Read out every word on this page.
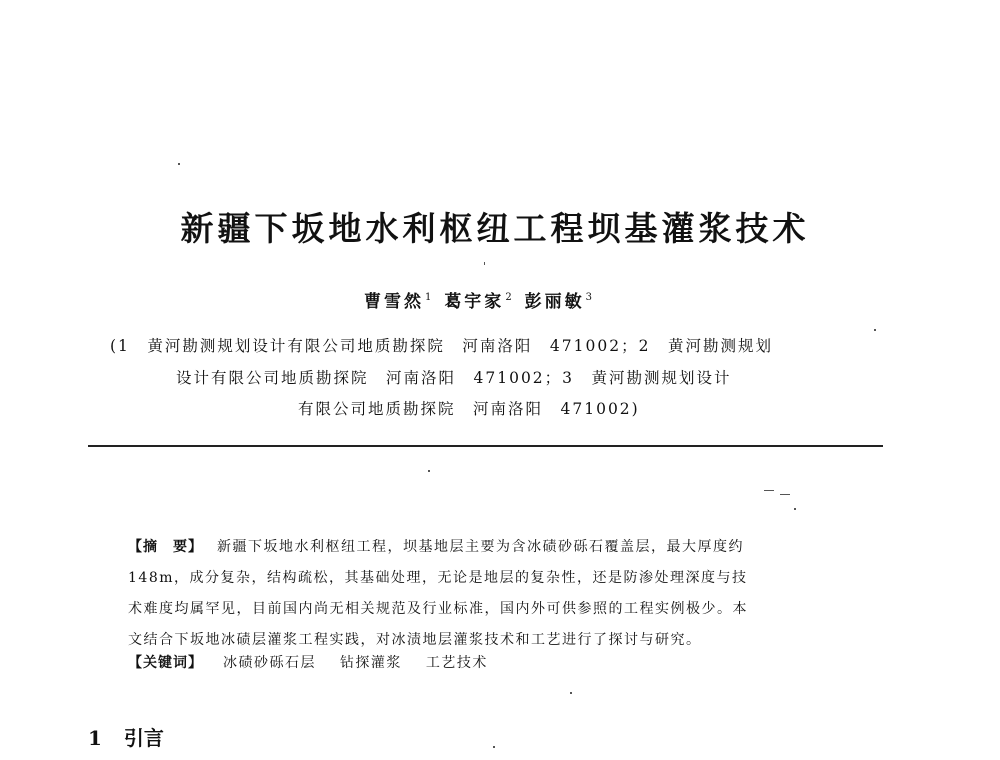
新疆下坂地水利枢纽工程坝基灌浆技术
曹雪然$^1$ 葛宇家$^2$ 彭丽敏$^3$
(1　黄河勘测规划设计有限公司地质勘探院　河南洛阳　471002；2　黄河勘测规划
设计有限公司地质勘探院　河南洛阳　471002；3　黄河勘测规划设计
有限公司地质勘探院　河南洛阳　471002)
【摘　要】 新疆下坂地水利枢纽工程，坝基地层主要为含冰碛砂砾石覆盖层，最大厚度约
148m，成分复杂，结构疏松，其基础处理，无论是地层的复杂性，还是防渗处理深度与技
术难度均属罕见，目前国内尚无相关规范及行业标准，国内外可供参照的工程实例极少。本
文结合下坂地冰碛层灌浆工程实践，对冰渍地层灌浆技术和工艺进行了探讨与研究。
【关键词】 冰碛砂砾石层 钻探灌浆 工艺技术
1 引言
